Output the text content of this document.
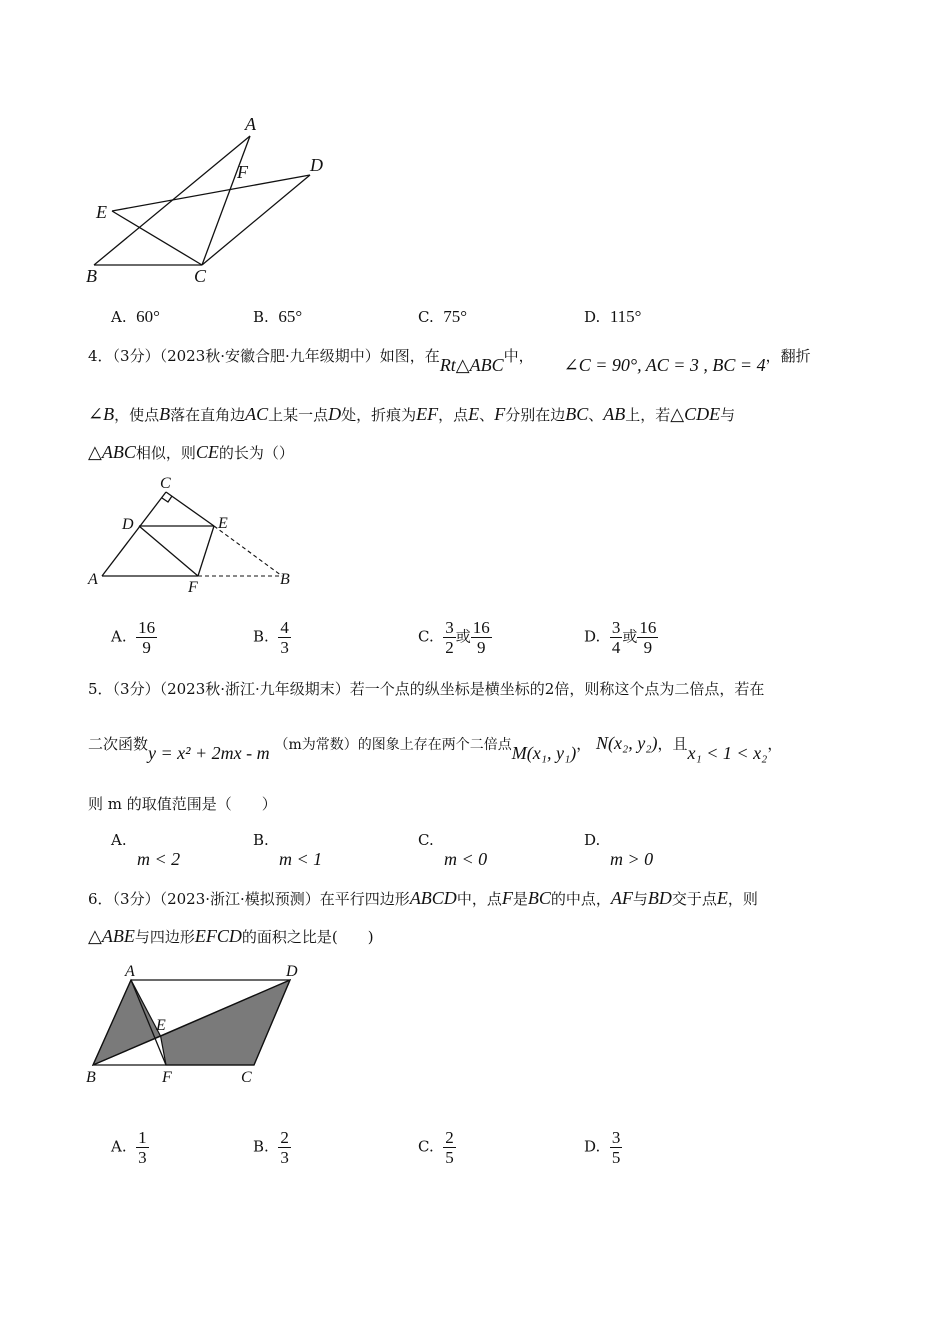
A
F	D
E
B	C
A. 60°	B. 65°	C. 75°	D. 115°
4．（3分）（2023秋·安徽合肥·九年级期中）如图，在Rt△ABC中， ∠C = 90°, AC = 3 , BC = 4，翻折
∠B，使点B落在直角边AC上某一点D处，折痕为EF，点E、F分别在边BC、AB上，若△CDE与
△ABC相似，则CE的长为（）
C
D	E
A	F	B
A. $\frac{16}{9}$	B. $\frac{4}{3}$	C. $\frac{3}{2}$ 或 $\frac{16}{9}$	D. $\frac{3}{4}$ 或 $\frac{16}{9}$
5．（3分）（2023秋·浙江·九年级期末）若一个点的纵坐标是横坐标的2倍，则称这个点为二倍点，若在
二次函数y = x² + 2mx - m （m为常数）的图象上存在两个二倍点M(x₁, y₁)， N(x₂, y₂)，且x₁ < 1 < x₂，
则 m 的取值范围是（　　）
A.
m < 2
B.
m < 1
C.
m < 0
D.
m > 0
6．（3分）（2023·浙江·模拟预测）在平行四边形ABCD中，点F是BC的中点，AF与BD交于点E，则
△ABE与四边形EFCD的面积之比是(　　)
A	D
E
B	F	C
A. $\frac{1}{3}$	B. $\frac{2}{3}$	C. $\frac{2}{5}$	D. $\frac{3}{5}$
